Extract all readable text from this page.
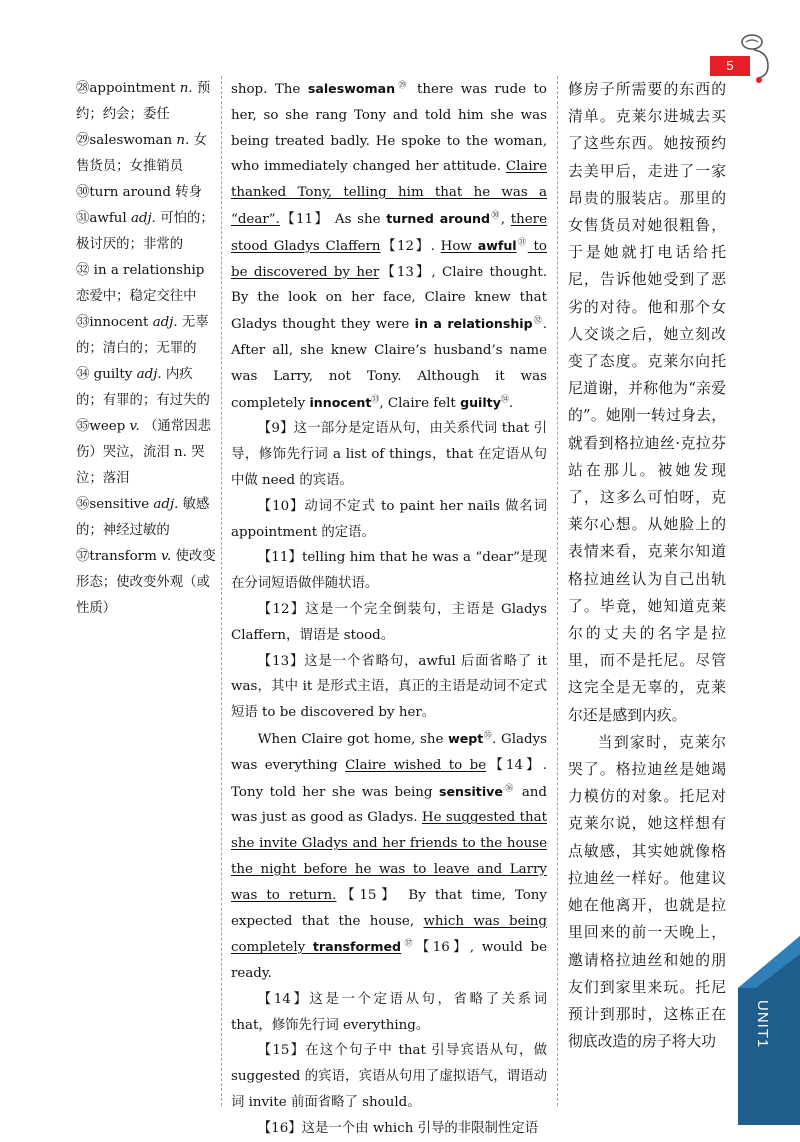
5

㉘appointment n. 预约；约会；委任

㉙saleswoman n. 女售货员；女推销员

㉚turn around 转身

㉛awful adj. 可怕的；极讨厌的；非常的

㉜ in a relationship 恋爱中；稳定交往中

㉝innocent adj. 无辜的；清白的；无罪的

㉞ guilty adj. 内疚的；有罪的；有过失的

㉟weep v. （通常因悲伤）哭泣，流泪 n. 哭泣；落泪

㊱sensitive adj. 敏感的；神经过敏的

㊲transform v. 使改变形态；使改变外观（或性质）

shop. The saleswoman$^㉙$ there was rude to her, so she rang Tony and told him she was being treated badly. He spoke to the woman, who immediately changed her attitude. Claire thanked Tony, telling him that he was a “dear”.【11】 As she turned around$^㉚$, there stood Gladys Claffern【12】. How awful$^㉛$ to be discovered by her【13】, Claire thought. By the look on her face, Claire knew that Gladys thought they were in a relationship$^㉜$. After all, she knew Claire’s husband’s name was Larry, not Tony. Although it was completely innocent$^㉝$, Claire felt guilty$^㉞$.

【9】这一部分是定语从句，由关系代词 that 引导，修饰先行词 a list of things，that 在定语从句中做 need 的宾语。

【10】动词不定式 to paint her nails 做名词 appointment 的定语。

【11】telling him that he was a “dear”是现在分词短语做伴随状语。

【12】这是一个完全倒装句，主语是 Gladys Claffern，谓语是 stood。

【13】这是一个省略句，awful 后面省略了 it was，其中 it 是形式主语，真正的主语是动词不定式短语 to be discovered by her。

When Claire got home, she wept$^㉟$. Gladys was everything Claire wished to be【14】. Tony told her she was being sensitive$^㊱$ and was just as good as Gladys. He suggested that she invite Gladys and her friends to the house the night before he was to leave and Larry was to return.【15】 By that time, Tony expected that the house, which was being completely transformed$^㊲$【16】, would be ready.

【14】这是一个定语从句，省略了关系词 that，修饰先行词 everything。

【15】在这个句子中 that 引导宾语从句，做 suggested 的宾语，宾语从句用了虚拟语气，谓语动词 invite 前面省略了 should。

【16】这是一个由 which 引导的非限制性定语

修房子所需要的东西的清单。克莱尔进城去买了这些东西。她按预约去美甲后，走进了一家昂贵的服装店。那里的女售货员对她很粗鲁，于是她就打电话给托尼，告诉他她受到了恶劣的对待。他和那个女人交谈之后，她立刻改变了态度。克莱尔向托尼道谢，并称他为“亲爱的”。她刚一转过身去，就看到格拉迪丝·克拉芬站在那儿。被她发现了，这多么可怕呀，克莱尔心想。从她脸上的表情来看，克莱尔知道格拉迪丝认为自己出轨了。毕竟，她知道克莱尔的丈夫的名字是拉里，而不是托尼。尽管这完全是无辜的，克莱尔还是感到内疚。

当到家时，克莱尔哭了。格拉迪丝是她竭力模仿的对象。托尼对克莱尔说，她这样想有点敏感，其实她就像格拉迪丝一样好。他建议她在他离开，也就是拉里回来的前一天晚上，邀请格拉迪丝和她的朋友们到家里来玩。托尼预计到那时，这栋正在彻底改造的房子将大功	UNIT1
